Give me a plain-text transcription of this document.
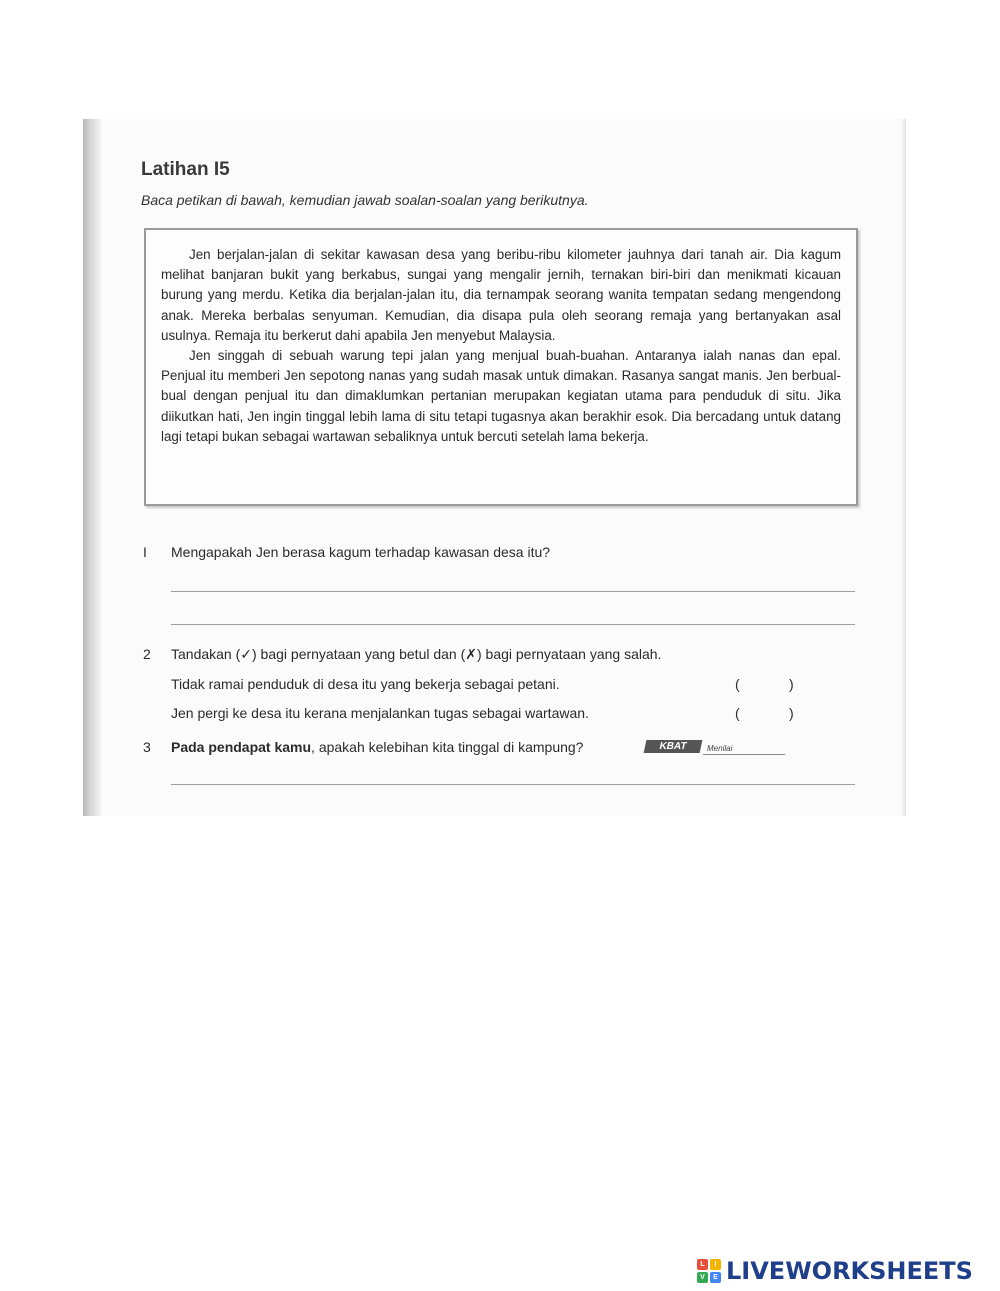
Latihan I5
Baca petikan di bawah, kemudian jawab soalan-soalan yang berikutnya.

Jen berjalan-jalan di sekitar kawasan desa yang beribu-ribu kilometer jauhnya dari tanah air. Dia kagum melihat banjaran bukit yang berkabus, sungai yang mengalir jernih, ternakan biri-biri dan menikmati kicauan burung yang merdu. Ketika dia berjalan-jalan itu, dia ternampak seorang wanita tempatan sedang mengendong anak. Mereka berbalas senyuman. Kemudian, dia disapa pula oleh seorang remaja yang bertanyakan asal usulnya. Remaja itu berkerut dahi apabila Jen menyebut Malaysia.

Jen singgah di sebuah warung tepi jalan yang menjual buah-buahan. Antaranya ialah nanas dan epal. Penjual itu memberi Jen sepotong nanas yang sudah masak untuk dimakan. Rasanya sangat manis. Jen berbual-bual dengan penjual itu dan dimaklumkan pertanian merupakan kegiatan utama para penduduk di situ. Jika diikutkan hati, Jen ingin tinggal lebih lama di situ tetapi tugasnya akan berakhir esok. Dia bercadang untuk datang lagi tetapi bukan sebagai wartawan sebaliknya untuk bercuti setelah lama bekerja.

I Mengapakah Jen berasa kagum terhadap kawasan desa itu?
2 Tandakan (✓) bagi pernyataan yang betul dan (✗) bagi pernyataan yang salah.
Tidak ramai penduduk di desa itu yang bekerja sebagai petani.	(	)
Jen pergi ke desa itu kerana menjalankan tugas sebagai wartawan.	(	)
3 Pada pendapat kamu, apakah kelebihan kita tinggal di kampung?	KBAT	Menilai
L	I
V	E LIVEWORKSHEETS
